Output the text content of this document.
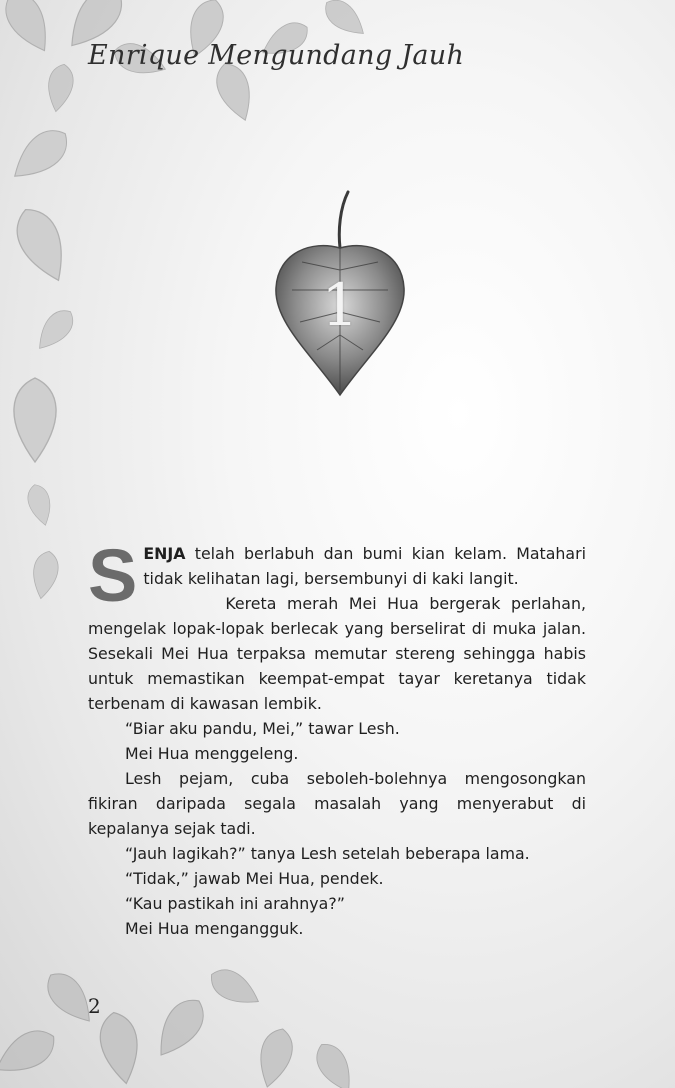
Enrique Mengundang Jauh
1

SENJA telah berlabuh dan bumi kian kelam. Matahari tidak kelihatan lagi, bersembunyi di kaki langit.

Kereta merah Mei Hua bergerak perlahan, mengelak lopak-lopak berlecak yang berselirat di muka jalan. Sesekali Mei Hua terpaksa memutar stereng sehingga habis untuk memastikan keempat-empat tayar keretanya tidak terbenam di kawasan lembik.

“Biar aku pandu, Mei,” tawar Lesh.

Mei Hua menggeleng.

Lesh pejam, cuba seboleh-bolehnya mengosongkan fikiran daripada segala masalah yang menyerabut di kepalanya sejak tadi.

“Jauh lagikah?” tanya Lesh setelah beberapa lama.

“Tidak,” jawab Mei Hua, pendek.

“Kau pastikah ini arahnya?”

Mei Hua mengangguk.

2
